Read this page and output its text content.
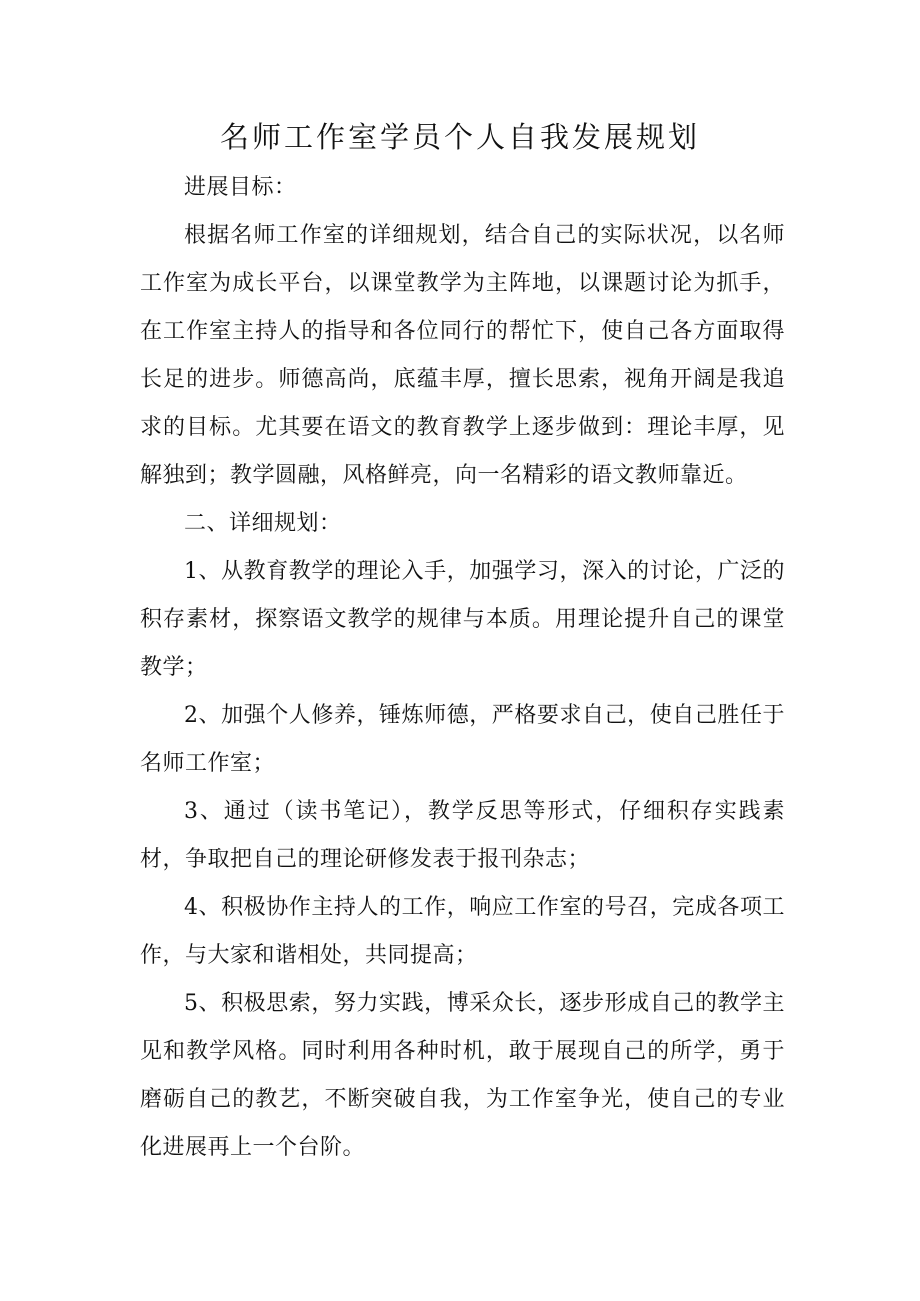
名师工作室学员个人自我发展规划

进展目标：

根据名师工作室的详细规划，结合自己的实际状况，以名师工作室为成长平台，以课堂教学为主阵地，以课题讨论为抓手，在工作室主持人的指导和各位同行的帮忙下，使自己各方面取得长足的进步。师德高尚，底蕴丰厚，擅长思索，视角开阔是我追求的目标。尤其要在语文的教育教学上逐步做到：理论丰厚，见解独到；教学圆融，风格鲜亮，向一名精彩的语文教师靠近。

二、详细规划：

1、从教育教学的理论入手，加强学习，深入的讨论，广泛的积存素材，探察语文教学的规律与本质。用理论提升自己的课堂教学；

2、加强个人修养，锤炼师德，严格要求自己，使自己胜任于名师工作室；

3、通过（读书笔记），教学反思等形式，仔细积存实践素材，争取把自己的理论研修发表于报刊杂志；

4、积极协作主持人的工作，响应工作室的号召，完成各项工作，与大家和谐相处，共同提高；

5、积极思索，努力实践，博采众长，逐步形成自己的教学主见和教学风格。同时利用各种时机，敢于展现自己的所学，勇于磨砺自己的教艺，不断突破自我，为工作室争光，使自己的专业化进展再上一个台阶。
